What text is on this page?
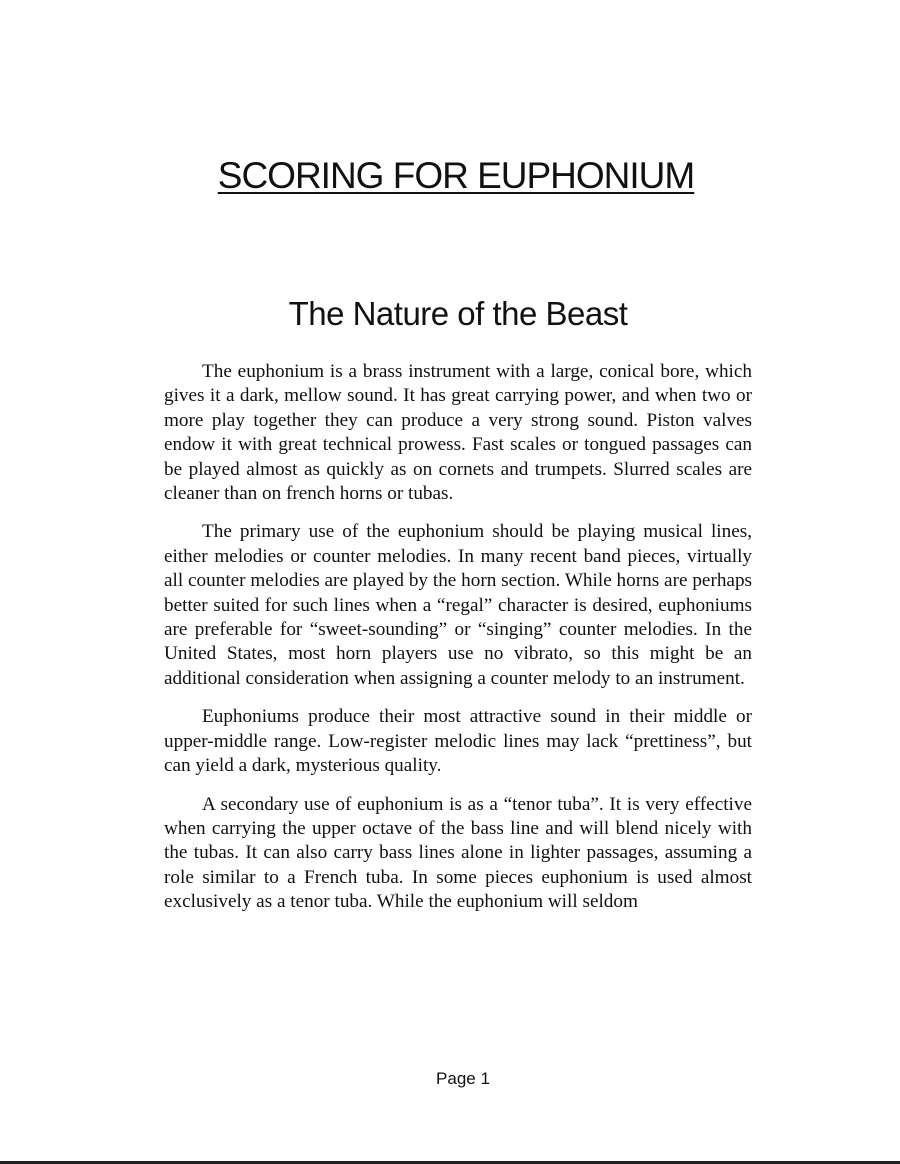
SCORING FOR EUPHONIUM
The Nature of the Beast

The euphonium is a brass instrument with a large, conical bore, which gives it a dark, mellow sound. It has great carrying power, and when two or more play together they can produce a very strong sound. Piston valves endow it with great technical prowess. Fast scales or tongued passages can be played almost as quickly as on cornets and trumpets. Slurred scales are cleaner than on french horns or tubas.

The primary use of the euphonium should be playing musical lines, either melodies or counter melodies. In many recent band pieces, virtually all counter melodies are played by the horn section. While horns are perhaps better suited for such lines when a “regal” character is desired, euphoniums are preferable for “sweet-sounding” or “singing” counter melodies. In the United States, most horn players use no vibrato, so this might be an additional consideration when assigning a counter melody to an instrument.

Euphoniums produce their most attractive sound in their middle or upper-middle range. Low-register melodic lines may lack “prettiness”, but can yield a dark, mysterious quality.

A secondary use of euphonium is as a “tenor tuba”. It is very effective when carrying the upper octave of the bass line and will blend nicely with the tubas. It can also carry bass lines alone in lighter passages, assuming a role similar to a French tuba. In some pieces euphonium is used almost exclusively as a tenor tuba. While the euphonium will seldom

Page 1
